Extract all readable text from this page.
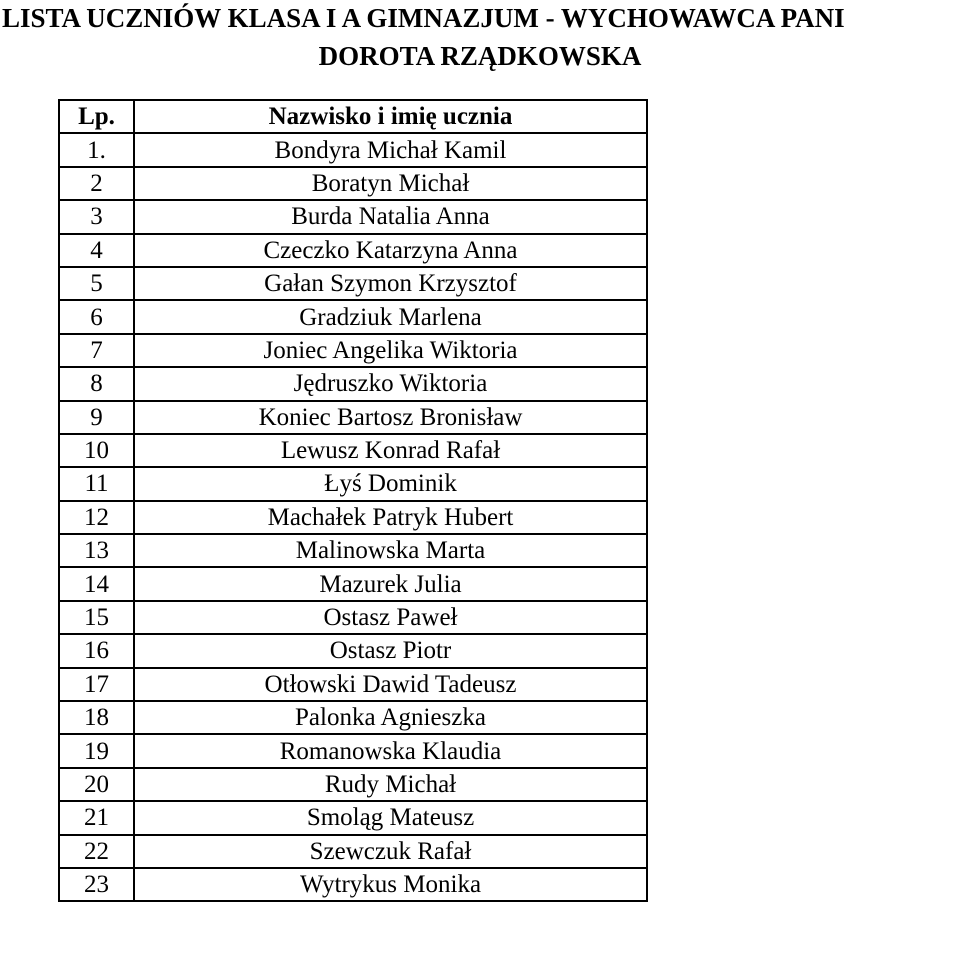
LISTA UCZNIÓW KLASA I A GIMNAZJUM - WYCHOWAWCA PANI
DOROTA RZĄDKOWSKA
Lp.	Nazwisko i imię ucznia
1.	Bondyra Michał Kamil
2	Boratyn Michał
3	Burda Natalia Anna
4	Czeczko Katarzyna Anna
5	Gałan Szymon Krzysztof
6	Gradziuk Marlena
7	Joniec Angelika Wiktoria
8	Jędruszko Wiktoria
9	Koniec Bartosz Bronisław
10	Lewusz Konrad Rafał
11	Łyś Dominik
12	Machałek Patryk Hubert
13	Malinowska Marta
14	Mazurek Julia
15	Ostasz Paweł
16	Ostasz Piotr
17	Otłowski Dawid Tadeusz
18	Palonka Agnieszka
19	Romanowska Klaudia
20	Rudy Michał
21	Smoląg Mateusz
22	Szewczuk Rafał
23	Wytrykus Monika
